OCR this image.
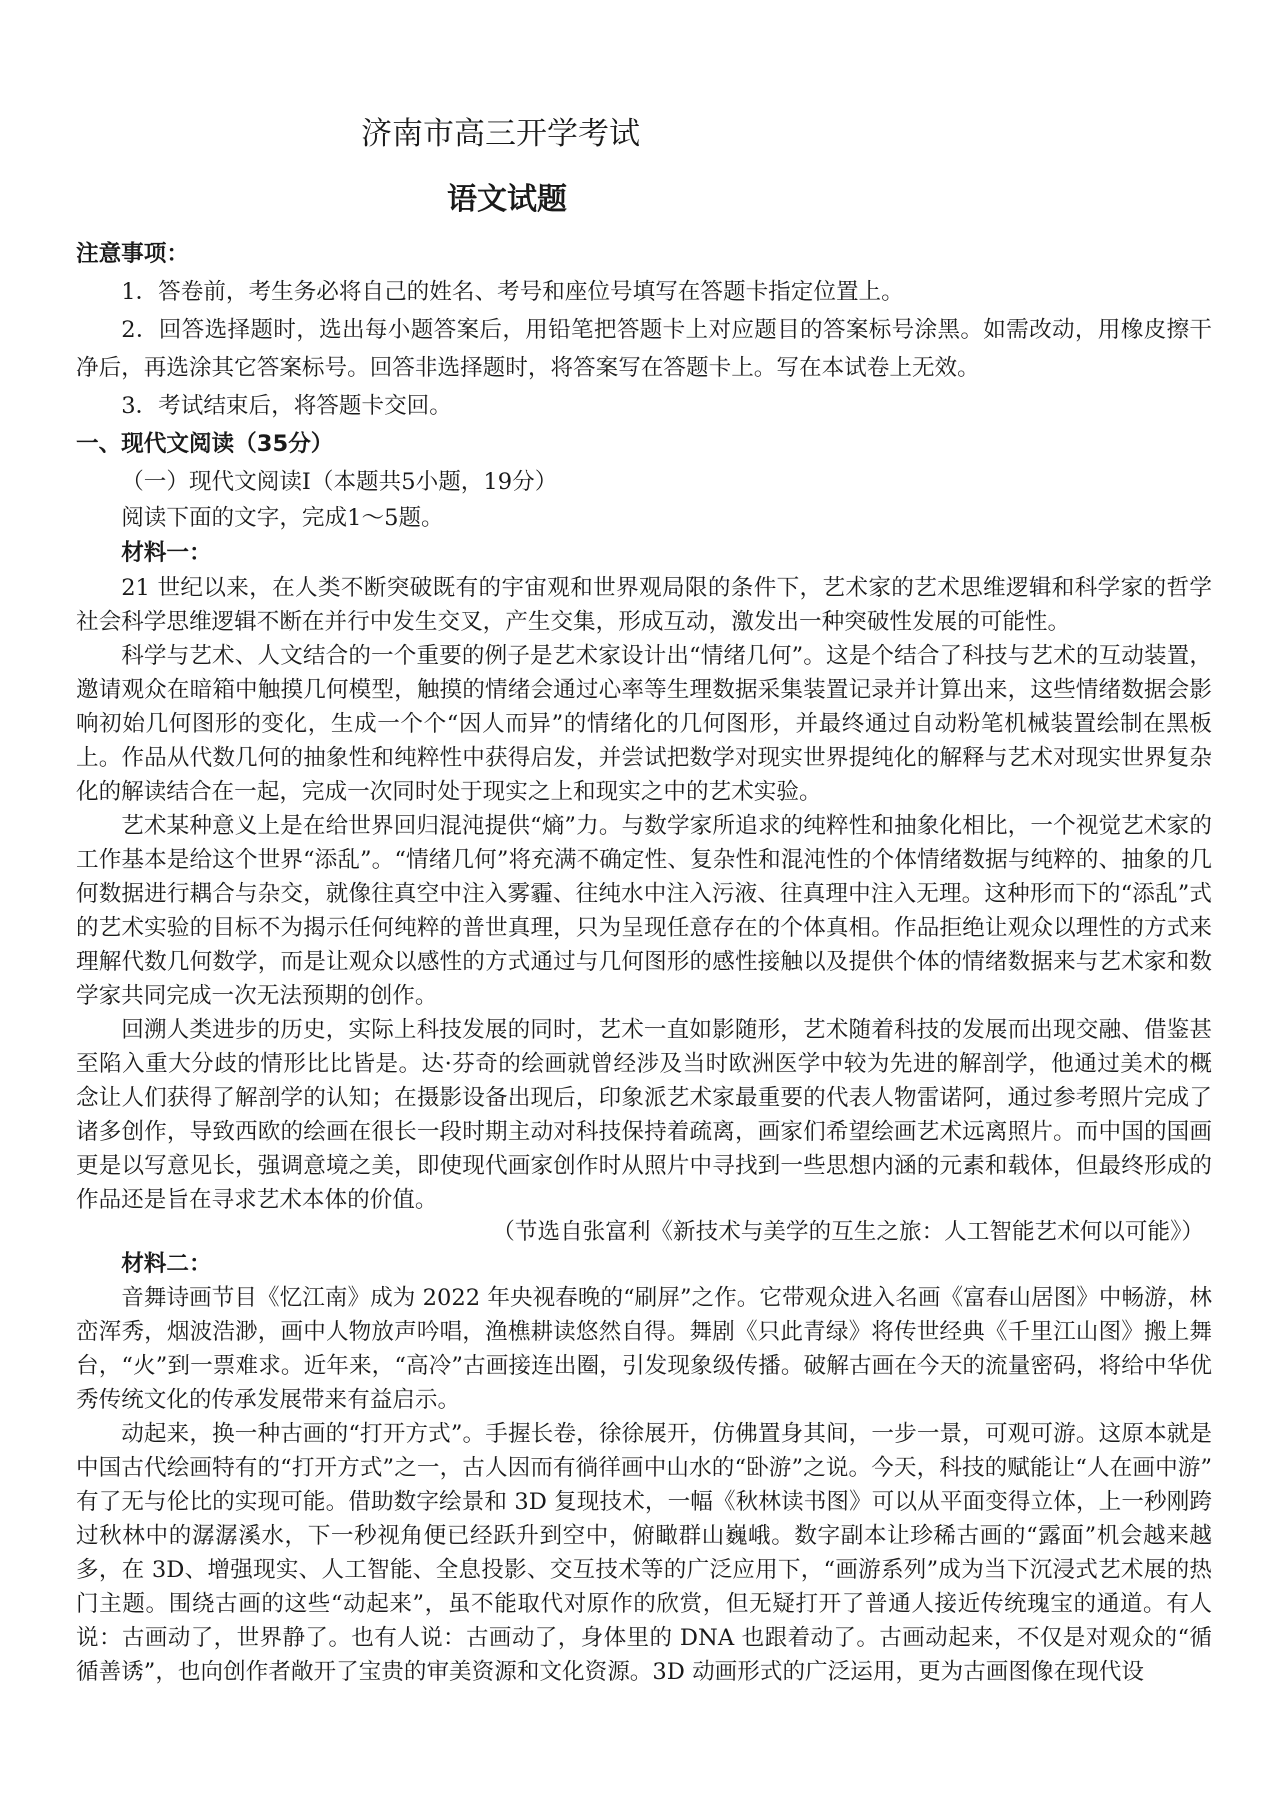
济南市高三开学考试
语文试题
注意事项：
1．答卷前，考生务必将自己的姓名、考号和座位号填写在答题卡指定位置上。
2．回答选择题时，选出每小题答案后，用铅笔把答题卡上对应题目的答案标号涂黑。如需改动，用橡皮擦干净后，再选涂其它答案标号。回答非选择题时，将答案写在答题卡上。写在本试卷上无效。
3．考试结束后，将答题卡交回。
一、现代文阅读（35分）
（一）现代文阅读Ⅰ（本题共5小题，19分）
阅读下面的文字，完成1～5题。
材料一：

21 世纪以来，在人类不断突破既有的宇宙观和世界观局限的条件下，艺术家的艺术思维逻辑和科学家的哲学社会科学思维逻辑不断在并行中发生交叉，产生交集，形成互动，激发出一种突破性发展的可能性。

科学与艺术、人文结合的一个重要的例子是艺术家设计出“情绪几何”。这是个结合了科技与艺术的互动装置，邀请观众在暗箱中触摸几何模型，触摸的情绪会通过心率等生理数据采集装置记录并计算出来，这些情绪数据会影响初始几何图形的变化，生成一个个“因人而异”的情绪化的几何图形，并最终通过自动粉笔机械装置绘制在黑板上。作品从代数几何的抽象性和纯粹性中获得启发，并尝试把数学对现实世界提纯化的解释与艺术对现实世界复杂化的解读结合在一起，完成一次同时处于现实之上和现实之中的艺术实验。

艺术某种意义上是在给世界回归混沌提供“熵”力。与数学家所追求的纯粹性和抽象化相比，一个视觉艺术家的工作基本是给这个世界“添乱”。“情绪几何”将充满不确定性、复杂性和混沌性的个体情绪数据与纯粹的、抽象的几何数据进行耦合与杂交，就像往真空中注入雾霾、往纯水中注入污液、往真理中注入无理。这种形而下的“添乱”式的艺术实验的目标不为揭示任何纯粹的普世真理，只为呈现任意存在的个体真相。作品拒绝让观众以理性的方式来理解代数几何数学，而是让观众以感性的方式通过与几何图形的感性接触以及提供个体的情绪数据来与艺术家和数学家共同完成一次无法预期的创作。

回溯人类进步的历史，实际上科技发展的同时，艺术一直如影随形，艺术随着科技的发展而出现交融、借鉴甚至陷入重大分歧的情形比比皆是。达·芬奇的绘画就曾经涉及当时欧洲医学中较为先进的解剖学，他通过美术的概念让人们获得了解剖学的认知；在摄影设备出现后，印象派艺术家最重要的代表人物雷诺阿，通过参考照片完成了诸多创作，导致西欧的绘画在很长一段时期主动对科技保持着疏离，画家们希望绘画艺术远离照片。而中国的国画更是以写意见长，强调意境之美，即使现代画家创作时从照片中寻找到一些思想内涵的元素和载体，但最终形成的作品还是旨在寻求艺术本体的价值。

（节选自张富利《新技术与美学的互生之旅：人工智能艺术何以可能》）
材料二：

音舞诗画节目《忆江南》成为 2022 年央视春晚的“刷屏”之作。它带观众进入名画《富春山居图》中畅游，林峦浑秀，烟波浩渺，画中人物放声吟唱，渔樵耕读悠然自得。舞剧《只此青绿》将传世经典《千里江山图》搬上舞台，“火”到一票难求。近年来，“高冷”古画接连出圈，引发现象级传播。破解古画在今天的流量密码，将给中华优秀传统文化的传承发展带来有益启示。

动起来，换一种古画的“打开方式”。手握长卷，徐徐展开，仿佛置身其间，一步一景，可观可游。这原本就是中国古代绘画特有的“打开方式”之一，古人因而有徜徉画中山水的“卧游”之说。今天，科技的赋能让“人在画中游”有了无与伦比的实现可能。借助数字绘景和 3D 复现技术，一幅《秋林读书图》可以从平面变得立体，上一秒刚跨过秋林中的潺潺溪水，下一秒视角便已经跃升到空中，俯瞰群山巍峨。数字副本让珍稀古画的“露面”机会越来越多，在 3D、增强现实、人工智能、全息投影、交互技术等的广泛应用下，“画游系列”成为当下沉浸式艺术展的热门主题。围绕古画的这些“动起来”，虽不能取代对原作的欣赏，但无疑打开了普通人接近传统瑰宝的通道。有人说：古画动了，世界静了。也有人说：古画动了，身体里的 DNA 也跟着动了。古画动起来，不仅是对观众的“循循善诱”，也向创作者敞开了宝贵的审美资源和文化资源。3D 动画形式的广泛运用，更为古画图像在现代设
